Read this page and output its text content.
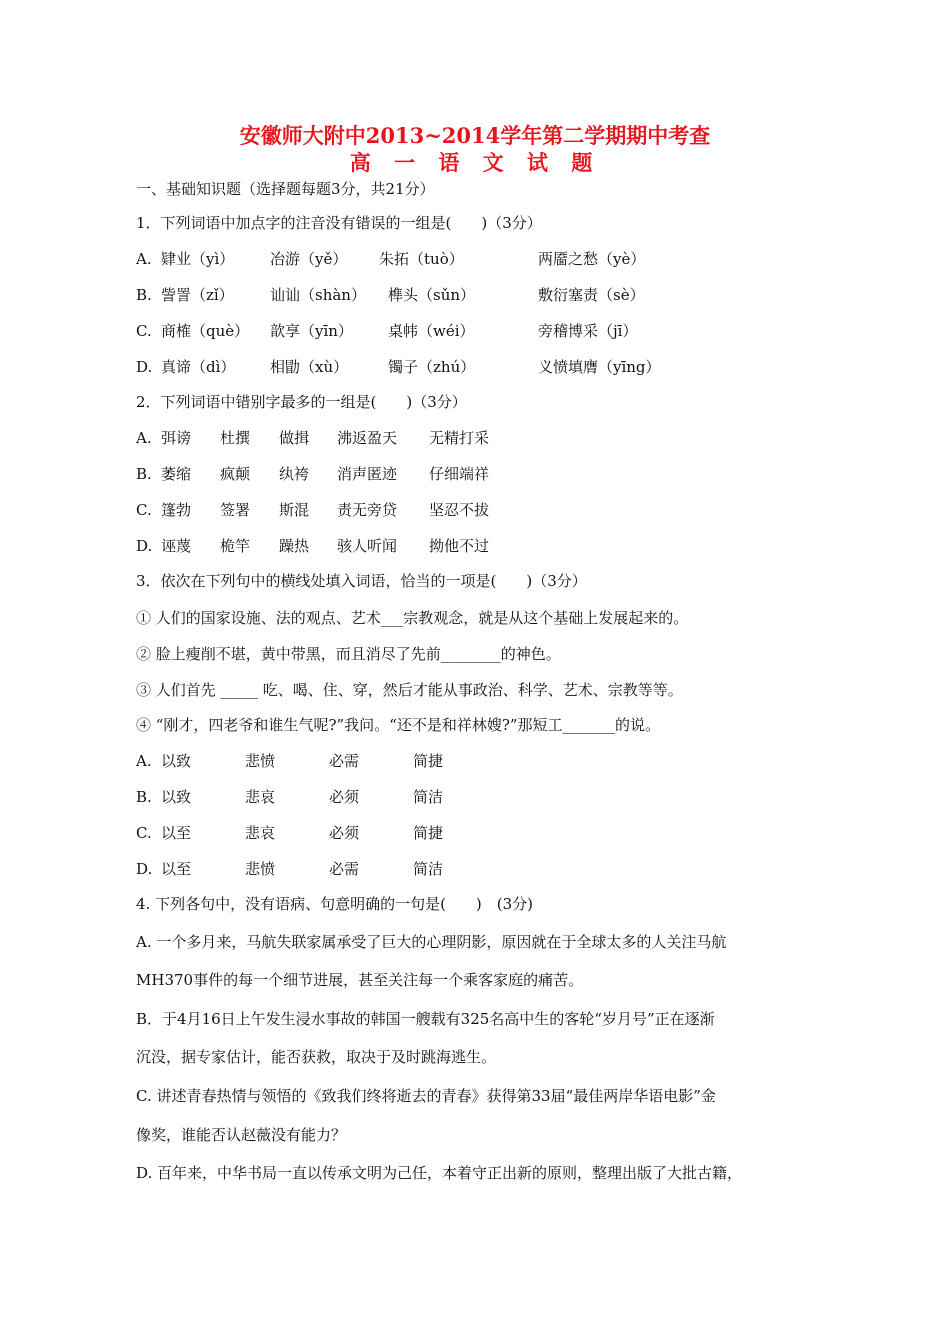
安徽师大附中2013~2014学年第二学期期中考查
高 一 语 文 试 题
一、基础知识题（选择题每题3分，共21分）
1．下列词语中加点字的注音没有错误的一组是(　　)（3分）
A. 肄业（yì） 冶游（yě） 朱拓（tuò）	两靥之愁（yè）
B. 訾詈（zǐ） 讪讪（shàn） 榫头（sǔn）	敷衍塞责（sè）
C. 商榷（què） 歆享（yīn） 桌帏（wéi）	旁稽博采（jī）
D. 真谛（dì） 相勖（xù）	镯子（zhú）	义愤填膺（yīng）
2．下列词语中错别字最多的一组是(　　)（3分）
A. 弭谤 杜撰 做揖 沸返盈天 无精打采
B. 萎缩 疯颠 纨袴 消声匿迹 仔细端祥
C. 篷勃 签署 斯混 责无旁贷 坚忍不拔
D. 诬蔑 桅竿 躁热 骇人听闻 拗他不过
3．依次在下列句中的横线处填入词语，恰当的一项是(　　)（3分）
① 人们的国家设施、法的观点、艺术___宗教观念，就是从这个基础上发展起来的。
② 脸上瘦削不堪，黄中带黑，而且消尽了先前________的神色。
③ 人们首先 _____ 吃、喝、住、穿，然后才能从事政治、科学、艺术、宗教等等。
④ “刚才，四老爷和谁生气呢?”我问。“还不是和祥林嫂?”那短工_______的说。
A. 以致	悲愤	必需	简捷
B. 以致	悲哀	必须	简洁
C. 以至	悲哀	必须	简捷
D. 以至	悲愤	必需	简洁
4. 下列各句中，没有语病、句意明确的一句是(　　)　(3分)
A. 一个多月来，马航失联家属承受了巨大的心理阴影，原因就在于全球太多的人关注马航
MH370事件的每一个细节进展，甚至关注每一个乘客家庭的痛苦。
B．于4月16日上午发生浸水事故的韩国一艘载有325名高中生的客轮“岁月号”正在逐渐
沉没，据专家估计，能否获救，取决于及时跳海逃生。
C. 讲述青春热情与领悟的《致我们终将逝去的青春》获得第33届“最佳两岸华语电影”金
像奖，谁能否认赵薇没有能力？
D. 百年来，中华书局一直以传承文明为己任，本着守正出新的原则，整理出版了大批古籍，
